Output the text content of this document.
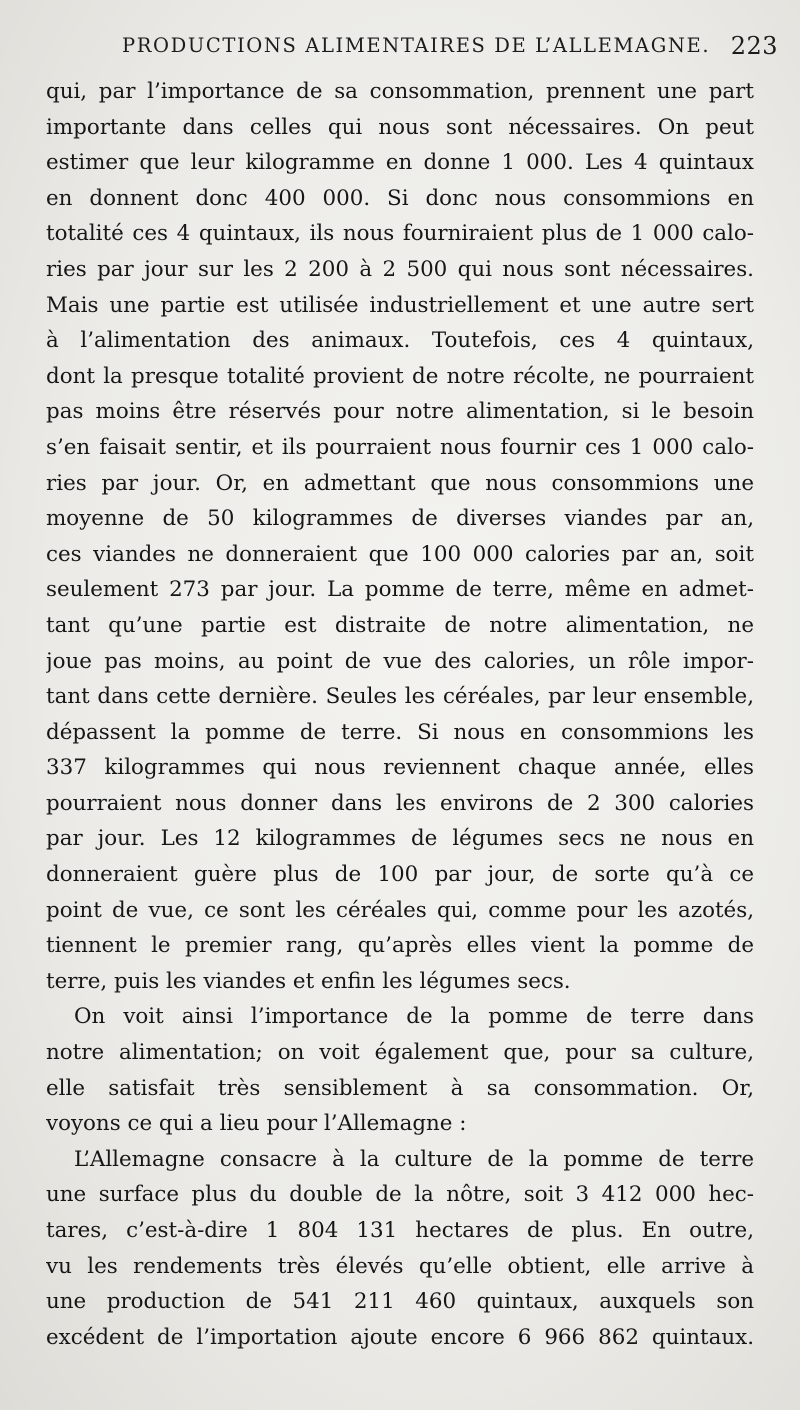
PRODUCTIONS ALIMENTAIRES DE L’ALLEMAGNE. 223
qui, par l’importance de sa consommation, prennent une part
importante dans celles qui nous sont nécessaires. On peut
estimer que leur kilogramme en donne 1 000. Les 4 quintaux
en donnent donc 400 000. Si donc nous consommions en
totalité ces 4 quintaux, ils nous fourniraient plus de 1 000 calo-
ries par jour sur les 2 200 à 2 500 qui nous sont nécessaires.
Mais une partie est utilisée industriellement et une autre sert
à l’alimentation des animaux. Toutefois, ces 4 quintaux,
dont la presque totalité provient de notre récolte, ne pourraient
pas moins être réservés pour notre alimentation, si le besoin
s’en faisait sentir, et ils pourraient nous fournir ces 1 000 calo-
ries par jour. Or, en admettant que nous consommions une
moyenne de 50 kilogrammes de diverses viandes par an,
ces viandes ne donneraient que 100 000 calories par an, soit
seulement 273 par jour. La pomme de terre, même en admet-
tant qu’une partie est distraite de notre alimentation, ne
joue pas moins, au point de vue des calories, un rôle impor-
tant dans cette dernière. Seules les céréales, par leur ensemble,
dépassent la pomme de terre. Si nous en consommions les
337 kilogrammes qui nous reviennent chaque année, elles
pourraient nous donner dans les environs de 2 300 calories
par jour. Les 12 kilogrammes de légumes secs ne nous en
donneraient guère plus de 100 par jour, de sorte qu’à ce
point de vue, ce sont les céréales qui, comme pour les azotés,
tiennent le premier rang, qu’après elles vient la pomme de
terre, puis les viandes et enfin les légumes secs.
On voit ainsi l’importance de la pomme de terre dans
notre alimentation; on voit également que, pour sa culture,
elle satisfait très sensiblement à sa consommation. Or,
voyons ce qui a lieu pour l’Allemagne :
L’Allemagne consacre à la culture de la pomme de terre
une surface plus du double de la nôtre, soit 3 412 000 hec-
tares, c’est-à-dire 1 804 131 hectares de plus. En outre,
vu les rendements très élevés qu’elle obtient, elle arrive à
une production de 541 211 460 quintaux, auxquels son
excédent de l’importation ajoute encore 6 966 862 quintaux.
